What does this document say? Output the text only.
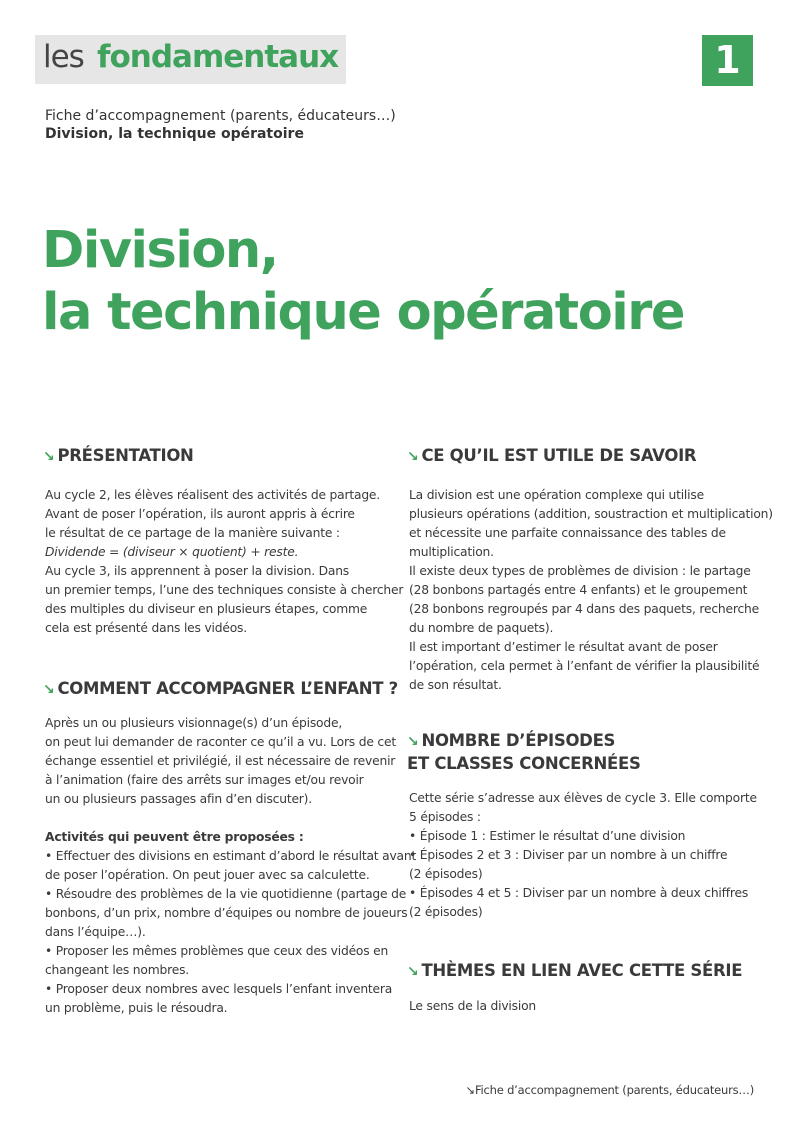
les fondamentaux	1
Fiche d’accompagnement (parents, éducateurs…)
Division, la technique opératoire
Division,
la technique opératoire
↘ PRÉSENTATION
Au cycle 2, les élèves réalisent des activités de partage.
Avant de poser l’opération, ils auront appris à écrire
le résultat de ce partage de la manière suivante :
Dividende = (diviseur × quotient) + reste.
Au cycle 3, ils apprennent à poser la division. Dans
un premier temps, l’une des techniques consiste à chercher
des multiples du diviseur en plusieurs étapes, comme
cela est présenté dans les vidéos.
↘ COMMENT ACCOMPAGNER L’ENFANT ?
Après un ou plusieurs visionnage(s) d’un épisode,
on peut lui demander de raconter ce qu’il a vu. Lors de cet
échange essentiel et privilégié, il est nécessaire de revenir
à l’animation (faire des arrêts sur images et/ou revoir
un ou plusieurs passages afin d’en discuter).
Activités qui peuvent être proposées :
• Effectuer des divisions en estimant d’abord le résultat avant
de poser l’opération. On peut jouer avec sa calculette.
• Résoudre des problèmes de la vie quotidienne (partage de
bonbons, d’un prix, nombre d’équipes ou nombre de joueurs
dans l’équipe…).
• Proposer les mêmes problèmes que ceux des vidéos en
changeant les nombres.
• Proposer deux nombres avec lesquels l’enfant inventera
un problème, puis le résoudra.
↘ CE QU’IL EST UTILE DE SAVOIR
La division est une opération complexe qui utilise
plusieurs opérations (addition, soustraction et multiplication)
et nécessite une parfaite connaissance des tables de
multiplication.
Il existe deux types de problèmes de division : le partage
(28 bonbons partagés entre 4 enfants) et le groupement
(28 bonbons regroupés par 4 dans des paquets, recherche
du nombre de paquets).
Il est important d’estimer le résultat avant de poser
l’opération, cela permet à l’enfant de vérifier la plausibilité
de son résultat.
↘ NOMBRE D’ÉPISODES
ET CLASSES CONCERNÉES
Cette série s’adresse aux élèves de cycle 3. Elle comporte
5 épisodes :
• Épisode 1 : Estimer le résultat d’une division
• Épisodes 2 et 3 : Diviser par un nombre à un chiffre
(2 épisodes)
• Épisodes 4 et 5 : Diviser par un nombre à deux chiffres
(2 épisodes)
↘ THÈMES EN LIEN AVEC CETTE SÉRIE
Le sens de la division
↘Fiche d’accompagnement (parents, éducateurs…)
